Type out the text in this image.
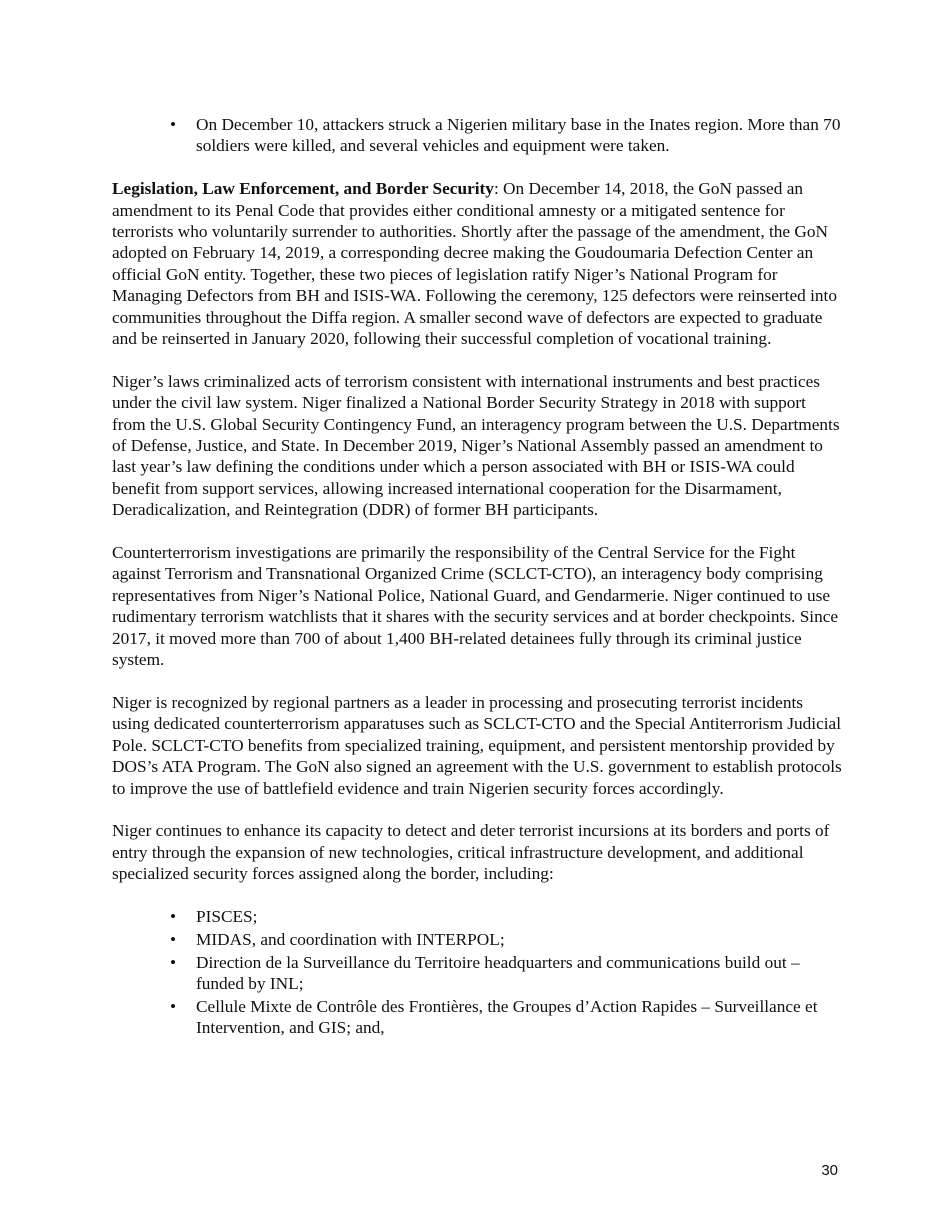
• On December 10, attackers struck a Nigerien military base in the Inates region. More than 70 soldiers were killed, and several vehicles and equipment were taken.

Legislation, Law Enforcement, and Border Security: On December 14, 2018, the GoN passed an amendment to its Penal Code that provides either conditional amnesty or a mitigated sentence for terrorists who voluntarily surrender to authorities. Shortly after the passage of the amendment, the GoN adopted on February 14, 2019, a corresponding decree making the Goudoumaria Defection Center an official GoN entity. Together, these two pieces of legislation ratify Niger’s National Program for Managing Defectors from BH and ISIS-WA. Following the ceremony, 125 defectors were reinserted into communities throughout the Diffa region. A smaller second wave of defectors are expected to graduate and be reinserted in January 2020, following their successful completion of vocational training.

Niger’s laws criminalized acts of terrorism consistent with international instruments and best practices under the civil law system. Niger finalized a National Border Security Strategy in 2018 with support from the U.S. Global Security Contingency Fund, an interagency program between the U.S. Departments of Defense, Justice, and State. In December 2019, Niger’s National Assembly passed an amendment to last year’s law defining the conditions under which a person associated with BH or ISIS-WA could benefit from support services, allowing increased international cooperation for the Disarmament, Deradicalization, and Reintegration (DDR) of former BH participants.

Counterterrorism investigations are primarily the responsibility of the Central Service for the Fight against Terrorism and Transnational Organized Crime (SCLCT-CTO), an interagency body comprising representatives from Niger’s National Police, National Guard, and Gendarmerie. Niger continued to use rudimentary terrorism watchlists that it shares with the security services and at border checkpoints. Since 2017, it moved more than 700 of about 1,400 BH-related detainees fully through its criminal justice system.

Niger is recognized by regional partners as a leader in processing and prosecuting terrorist incidents using dedicated counterterrorism apparatuses such as SCLCT-CTO and the Special Antiterrorism Judicial Pole. SCLCT-CTO benefits from specialized training, equipment, and persistent mentorship provided by DOS’s ATA Program. The GoN also signed an agreement with the U.S. government to establish protocols to improve the use of battlefield evidence and train Nigerien security forces accordingly.

Niger continues to enhance its capacity to detect and deter terrorist incursions at its borders and ports of entry through the expansion of new technologies, critical infrastructure development, and additional specialized security forces assigned along the border, including:

• PISCES;
• MIDAS, and coordination with INTERPOL;
• Direction de la Surveillance du Territoire headquarters and communications build out – funded by INL;
• Cellule Mixte de Contrôle des Frontières, the Groupes d’Action Rapides – Surveillance et Intervention, and GIS; and,
30
